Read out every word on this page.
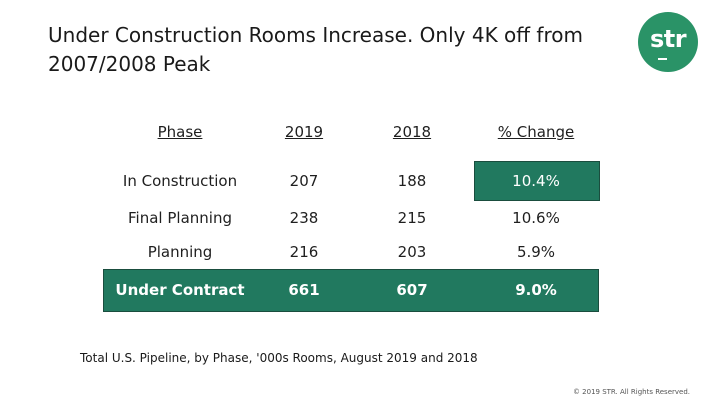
Under Construction Rooms Increase. Only 4K off from 2007/2008 Peak
str
Phase	2019	2018	% Change
In Construction	207	188	10.4%
Final Planning	238	215	10.6%
Planning	216	203	5.9%
Under Contract	661	607	9.0%
Total U.S. Pipeline, by Phase, '000s Rooms, August 2019 and 2018
© 2019 STR. All Rights Reserved.
